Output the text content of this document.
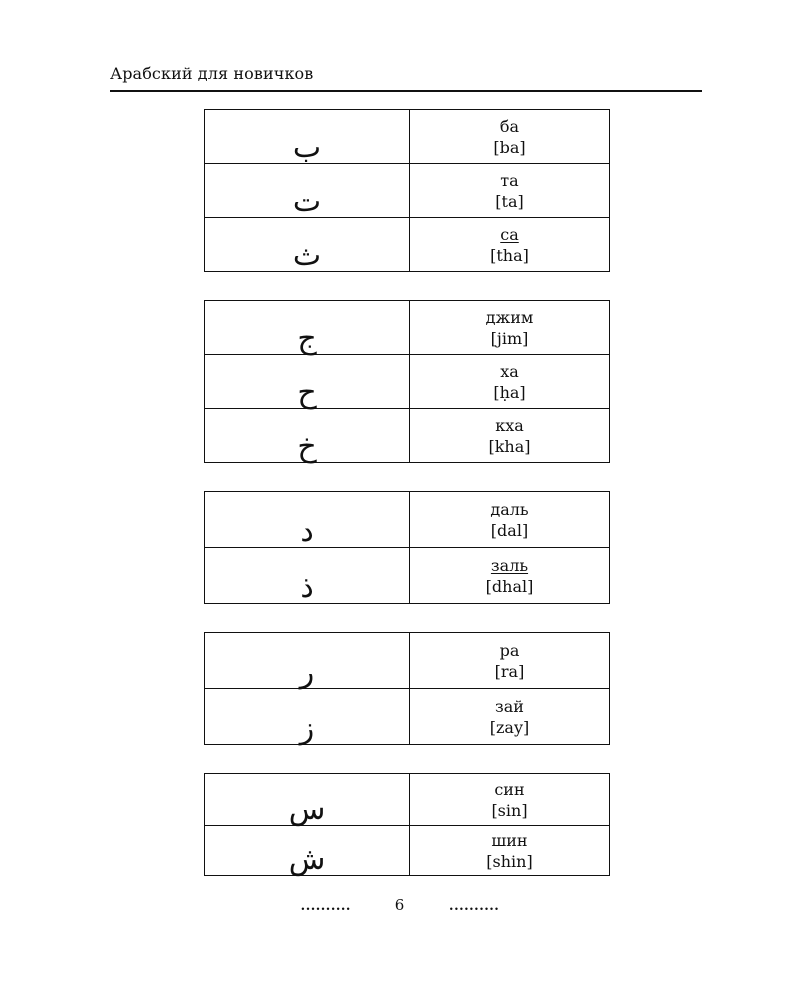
Арабский для новичков
ب	ба
[ba]

ت	та
[ta]

ث	са
[tha]
ج	джим
[jim]

ح	ха
[ḥa]

خ	кха
[kha]
د	даль
[dal]

ذ	заль
[dhal]
ر	ра
[ra]

ز	зай
[zay]
س	син
[sin]

ش	шин
[shin]
..........	6	..........
